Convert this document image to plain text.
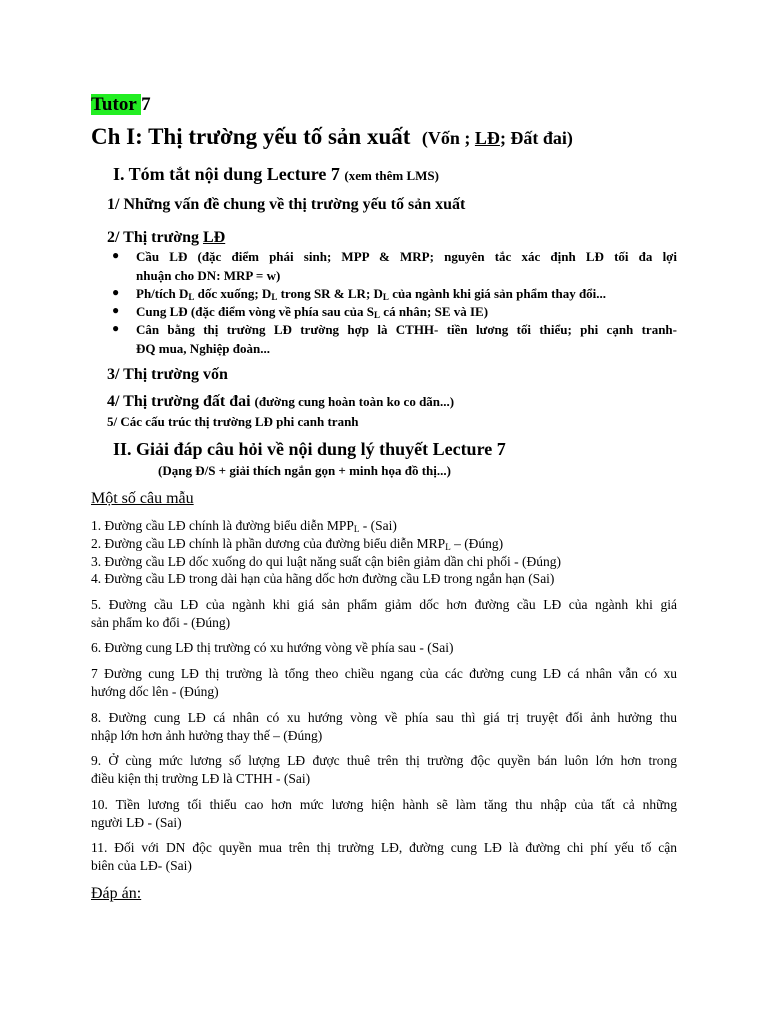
Tutor 7
Ch I: Thị trường yếu tố sản xuất (Vốn ; LĐ; Đất đai)
I. Tóm tắt nội dung Lecture 7 (xem thêm LMS)
1/ Những vấn đề chung về thị trường yếu tố sản xuất
2/ Thị trường LĐ
● Cầu LĐ (đặc điểm phái sinh; MPP & MRP; nguyên tắc xác định LĐ tối đa lợi
nhuận cho DN: MRP = w)
● Ph/tích $D_L$ dốc xuống; $D_L$ trong SR & LR; $D_L$ của ngành khi giá sản phẩm thay đổi...
● Cung LĐ (đặc điểm vòng về phía sau của $S_L$ cá nhân; SE và IE)
● Cân bằng thị trường LĐ trường hợp là CTHH- tiền lương tối thiểu; phi cạnh tranh-
ĐQ mua, Nghiệp đoàn...
3/ Thị trường vốn
4/ Thị trường đất đai (đường cung hoàn toàn ko co dãn...)
5/ Các cấu trúc thị trường LĐ phi canh tranh
II. Giải đáp câu hỏi về nội dung lý thuyết Lecture 7
(Dạng Đ/S + giải thích ngắn gọn + minh họa đồ thị...)
Một số câu mẫu
1. Đường cầu LĐ chính là đường biểu diễn $MPP_L - (Sai)$
2. Đường cầu LĐ chính là phần dương của đường biểu diễn $MRP_L$ – (Đúng)
3. Đường cầu LĐ dốc xuống do qui luật năng suất cận biên giảm dần chi phối - (Đúng)
4. Đường cầu LĐ trong dài hạn của hãng dốc hơn đường cầu LĐ trong ngắn hạn (Sai)
5. Đường cầu LĐ của ngành khi giá sản phẩm giảm dốc hơn đường cầu LĐ của ngành khi giá
sản phẩm ko đổi - (Đúng)
6. Đường cung LĐ thị trường có xu hướng vòng về phía sau - (Sai)
7 Đường cung LĐ thị trường là tổng theo chiều ngang của các đường cung LĐ cá nhân vẫn có xu
hướng dốc lên - (Đúng)
8. Đường cung LĐ cá nhân có xu hướng vòng về phía sau thì giá trị truyệt đối ảnh hưởng thu
nhập lớn hơn ảnh hưởng thay thế – (Đúng)
9. Ở cùng mức lương số lượng LĐ được thuê trên thị trường độc quyền bán luôn lớn hơn trong
điều kiện thị trường LĐ là CTHH - (Sai)
10. Tiền lương tối thiểu cao hơn mức lương hiện hành sẽ làm tăng thu nhập của tất cả những
người LĐ - (Sai)
11. Đối với DN độc quyền mua trên thị trường LĐ, đường cung LĐ là đường chi phí yếu tố cận
biên của LĐ- (Sai)
Đáp án:
